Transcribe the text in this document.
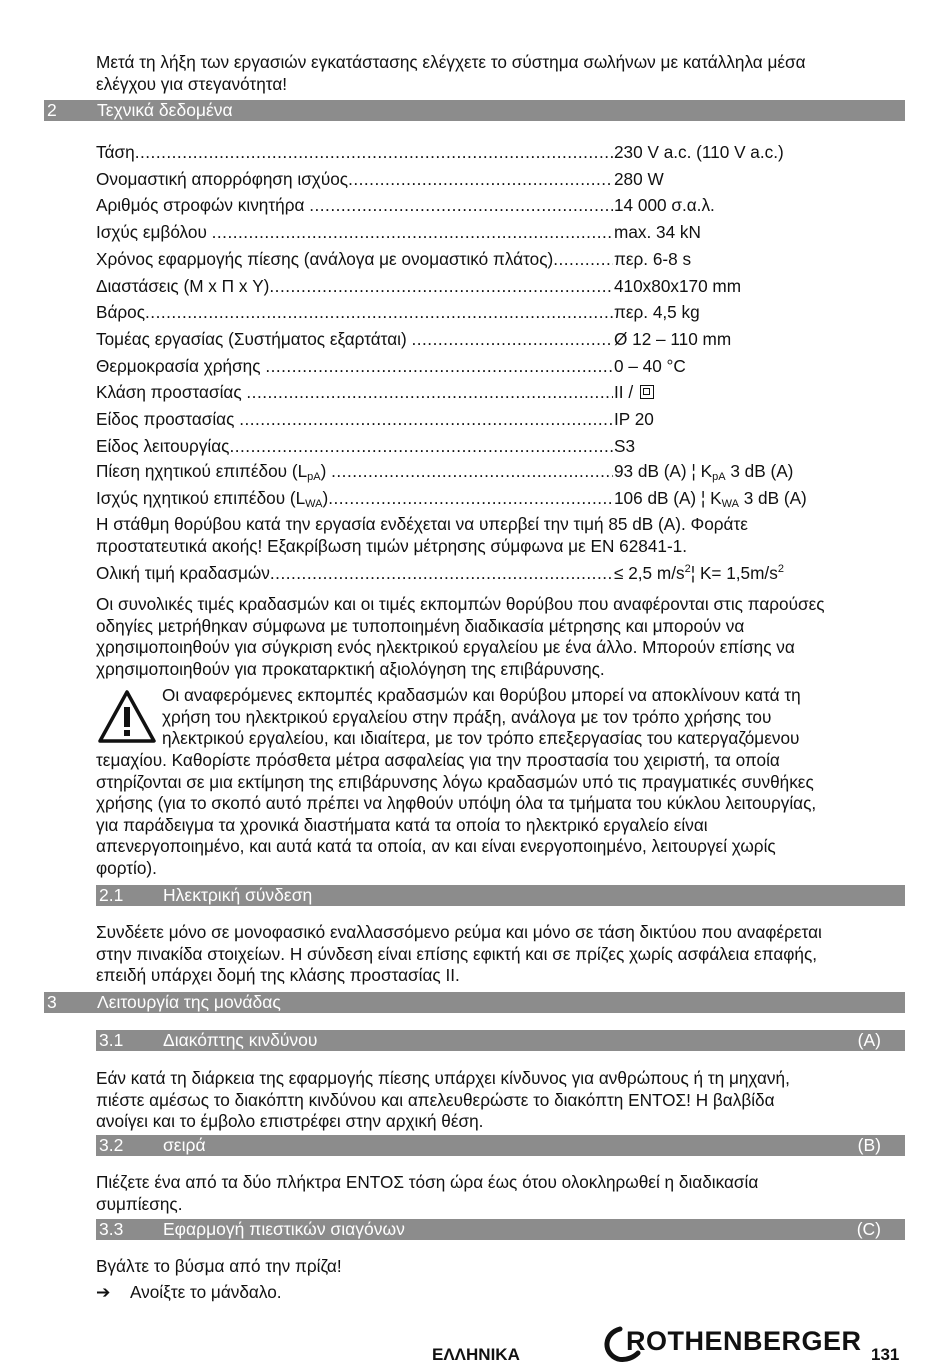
Μετά τη λήξη των εργασιών εγκατάστασης ελέγχετε το σύστημα σωλήνων με κατάλληλα μέσα
ελέγχου για στεγανότητα!
2 Τεχνικά δεδομένα
Τάση .....	230 V a.c. (110 V a.c.)
Ονομαστική απορρόφηση ισχύος .....	280 W
Αριθμός στροφών κινητήρα .....	14 000 σ.α.λ.
Ισχύς εμβόλου .....	max. 34 kN
Χρόνος εφαρμογής πίεσης (ανάλογα με ονομαστικό πλάτος) .....	περ. 6-8 s
Διαστάσεις (Μ x Π x Υ) .....	410x80x170 mm
Βάρος .....	περ. 4,5 kg
Τομέας εργασίας (Συστήματος εξαρτάται) .....	Ø 12 – 110 mm
Θερμοκρασία χρήσης .....	0 – 40 °C
Κλάση προστασίας .....	II /
Είδος προστασίας .....	IP 20
Είδος λειτουργίας .....	S3
Πίεση ηχητικού επιπέδου $(L_{pA})$ .....	93 dB (A) ¦ $K_{pA}$ 3 dB (A)
Ισχύς ηχητικού επιπέδου $(L_{WA})$ .....	106 dB (A) ¦ $K_{WA}$ 3 dB (A)
Η στάθμη θορύβου κατά την εργασία ενδέχεται να υπερβεί την τιμή 85 dB (A). Φοράτε
προστατευτικά ακοής! Εξακρίβωση τιμών μέτρησης σύμφωνα με EN 62841-1.
Ολική τιμή κραδασμών .....	≤ 2,5 $m/s^2¦$ $K= 1,5m/s^2$
Οι συνολικές τιμές κραδασμών και οι τιμές εκπομπών θορύβου που αναφέρονται στις παρούσες
οδηγίες μετρήθηκαν σύμφωνα με τυποποιημένη διαδικασία μέτρησης και μπορούν να
χρησιμοποιηθούν για σύγκριση ενός ηλεκτρικού εργαλείου με ένα άλλο. Μπορούν επίσης να
χρησιμοποιηθούν για προκαταρκτική αξιολόγηση της επιβάρυνσης.
Οι αναφερόμενες εκπομπές κραδασμών και θορύβου μπορεί να αποκλίνουν κατά τη
χρήση του ηλεκτρικού εργαλείου στην πράξη, ανάλογα με τον τρόπο χρήσης του
ηλεκτρικού εργαλείου, και ιδιαίτερα, με τον τρόπο επεξεργασίας του κατεργαζόμενου
τεμαχίου. Καθορίστε πρόσθετα μέτρα ασφαλείας για την προστασία του χειριστή, τα οποία
στηρίζονται σε μια εκτίμηση της επιβάρυνσης λόγω κραδασμών υπό τις πραγματικές συνθήκες
χρήσης (για το σκοπό αυτό πρέπει να ληφθούν υπόψη όλα τα τμήματα του κύκλου λειτουργίας,
για παράδειγμα τα χρονικά διαστήματα κατά τα οποία το ηλεκτρικό εργαλείο είναι
απενεργοποιημένο, και αυτά κατά τα οποία, αν και είναι ενεργοποιημένο, λειτουργεί χωρίς
φορτίο).
2.1 Ηλεκτρική σύνδεση
Συνδέετε μόνο σε μονοφασικό εναλλασσόμενο ρεύμα και μόνο σε τάση δικτύου που αναφέρεται
στην πινακίδα στοιχείων. Η σύνδεση είναι επίσης εφικτή και σε πρίζες χωρίς ασφάλεια επαφής,
επειδή υπάρχει δομή της κλάσης προστασίας II.
3 Λειτουργία της μονάδας
3.1 Διακόπτης κινδύνου	(A)
Εάν κατά τη διάρκεια της εφαρμογής πίεσης υπάρχει κίνδυνος για ανθρώπους ή τη μηχανή,
πιέστε αμέσως το διακόπτη κινδύνου και απελευθερώστε το διακόπτη ΕΝΤΟΣ! Η βαλβίδα
ανοίγει και το έμβολο επιστρέφει στην αρχική θέση.
3.2 σειρά	(B)
Πιέζετε ένα από τα δύο πλήκτρα ΕΝΤΟΣ τόση ώρα έως ότου ολοκληρωθεί η διαδικασία
συμπίεσης.
3.3 Εφαρμογή πιεστικών σιαγόνων	(C)
Βγάλτε το βύσμα από την πρίζα!
➔ Ανοίξτε το μάνδαλο.
ΕΛΛΗΝΙΚΑ	ROTHENBERGER 131
